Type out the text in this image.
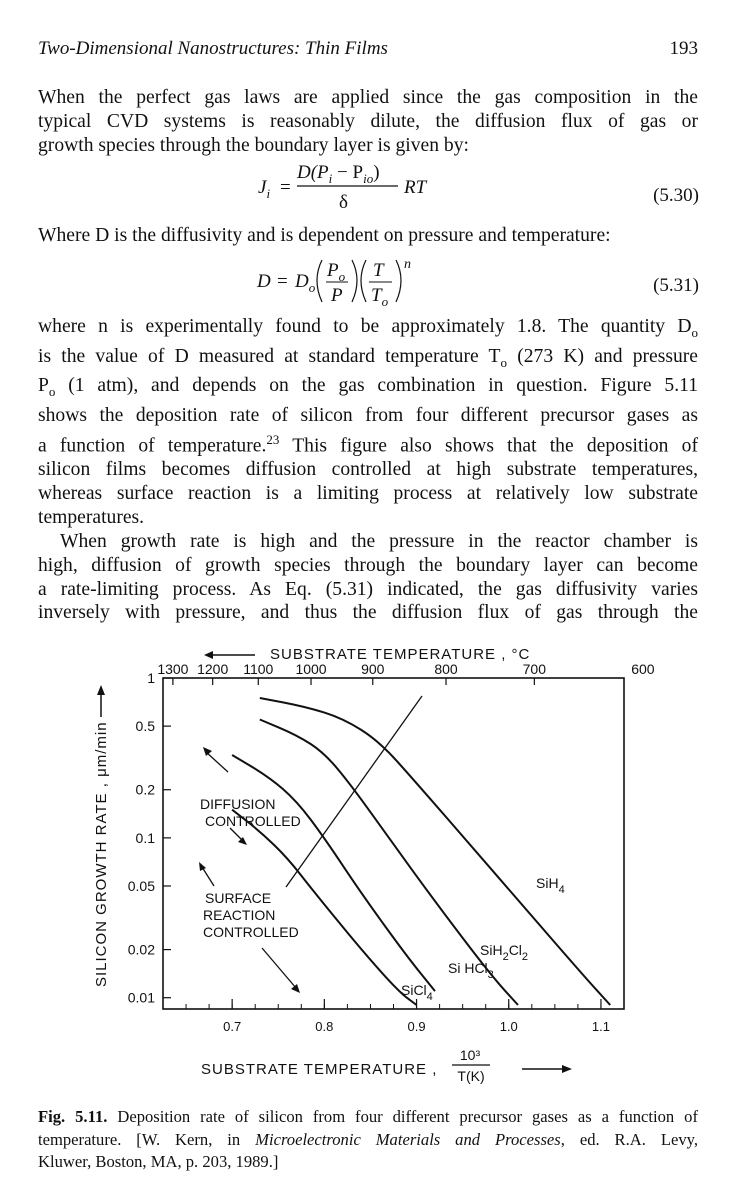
Two-Dimensional Nanostructures: Thin Films	193

When the perfect gas laws are applied since the gas composition in the
typical CVD systems is reasonably dilute, the diffusion flux of gas or
growth species through the boundary layer is given by:

$J_i$ =
$D(P_i - P_{io})$
δ
RT	(5.30)

Where D is the diffusivity and is dependent on pressure and temperature:

$D = D_o$
$P_o$
P
T
$T_o$
n
(5.31)

where n is experimentally found to be approximately 1.8. The quantity $D_o$
is the value of D measured at standard temperature $T_o$ (273 K) and pressure
$P_o$ (1 atm), and depends on the gas combination in question. Figure 5.11
shows the deposition rate of silicon from four different precursor gases as
a function of temperature.$^{23}$ This figure also shows that the deposition of
silicon films becomes diffusion controlled at high substrate temperatures,
whereas surface reaction is a limiting process at relatively low substrate
temperatures.

When growth rate is high and the pressure in the reactor chamber is
high, diffusion of growth species through the boundary layer can become
a rate-limiting process. As Eq. (5.31) indicated, the gas diffusivity varies
inversely with pressure, and thus the diffusion flux of gas through the

SUBSTRATE TEMPERATURE , °C
1300 1200 1100 1000 900	800	700	600
0.7	0.8	0.9	1.0	1.1
1
0.5
0.2
0.1
0.05
0.02
0.01
SILICON GROWTH RATE , μm/min
SUBSTRATE TEMPERATURE ,
10³
T(K)
DIFFUSION
CONTROLLED
SURFACE
REACTION
CONTROLLED
SiH$_4$
$SiH_2Cl_2$
Si HCl$_3$
SiCl$_4$

Fig. 5.11. Deposition rate of silicon from four different precursor gases as a function of
temperature. [W. Kern, in Microelectronic Materials and Processes, ed. R.A. Levy,
Kluwer, Boston, MA, p. 203, 1989.]
